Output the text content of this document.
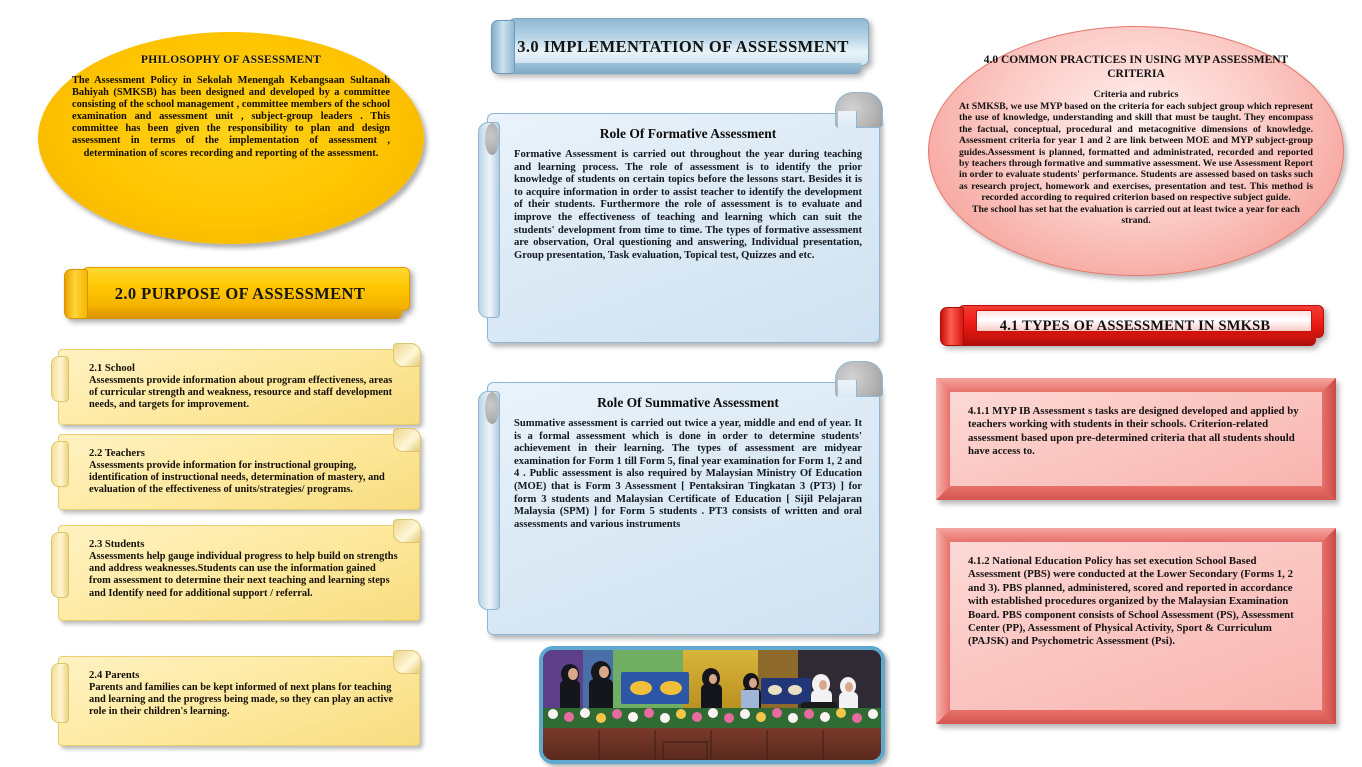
PHILOSOPHY OF ASSESSMENT
The Assessment Policy in Sekolah Menengah Kebangsaan Sultanah Bahiyah (SMKSB) has been designed and developed by a committee consisting of the school management , committee members of the school examination and assessment unit , subject-group leaders . This committee has been given the responsibility to plan and design assessment in terms of the implementation of assessment , determination of scores recording and reporting of the assessment.
2.0 PURPOSE OF ASSESSMENT
2.1 School
Assessments provide information about program effectiveness, areas of curricular strength and weakness, resource and staff development needs, and targets for improvement.
2.2 Teachers
Assessments provide information for instructional grouping, identification of instructional needs, determination of mastery, and evaluation of the effectiveness of units/strategies/ programs.
2.3 Students
Assessments help gauge individual progress to help build on strengths and address weaknesses.Students can use the information gained from assessment to determine their next teaching and learning steps and Identify need for additional support / referral.
2.4 Parents
Parents and families can be kept informed of next plans for teaching and learning and the progress being made, so they can play an active role in their children's learning.
3.0 IMPLEMENTATION OF ASSESSMENT
Role Of Formative Assessment
Formative Assessment is carried out throughout the year during teaching and learning process. The role of assessment is to identify the prior knowledge of students on certain topics before the lessons start. Besides it is to acquire information in order to assist teacher to identify the development of their students. Furthermore the role of assessment is to evaluate and improve the effectiveness of teaching and learning which can suit the students' development from time to time. The types of formative assessment are observation, Oral questioning and answering, Individual presentation, Group presentation, Task evaluation, Topical test, Quizzes and etc.
Role Of Summative Assessment
Summative assessment is carried out twice a year, middle and end of year. It is a formal assessment which is done in order to determine students' achievement in their learning. The types of assessment are midyear examination for Form 1 till Form 5, final year examination for Form 1, 2 and 4 . Public assessment is also required by Malaysian Ministry Of Education (MOE) that is Form 3 Assessment [ Pentaksiran Tingkatan 3 (PT3) ] for form 3 students and Malaysian Certificate of Education [ Sijil Pelajaran Malaysia (SPM) ] for Form 5 students . PT3 consists of written and oral assessments and various instruments
4.0 COMMON PRACTICES IN USING MYP ASSESSMENT CRITERIA
Criteria and rubrics
At SMKSB, we use MYP based on the criteria for each subject group which represent the use of knowledge, understanding and skill that must be taught. They encompass the factual, conceptual, procedural and metacognitive dimensions of knowledge. Assessment criteria for year 1 and 2 are link between MOE and MYP subject-group guides.Assessment is planned, formatted and administrated, recorded and reported by teachers through formative and summative assessment. We use Assessment Report in order to evaluate students' performance. Students are assessed based on tasks such as research project, homework and exercises, presentation and test. This method is recorded according to required criterion based on respective subject guide.
The school has set hat the evaluation is carried out at least twice a year for each strand.
4.1 TYPES OF ASSESSMENT IN SMKSB
4.1.1 MYP IB Assessment s tasks are designed developed and applied by teachers working with students in their schools. Criterion-related assessment based upon pre-determined criteria that all students should have access to.
4.1.2 National Education Policy has set execution School Based Assessment (PBS) were conducted at the Lower Secondary (Forms 1, 2 and 3). PBS planned, administered, scored and reported in accordance with established procedures organized by the Malaysian Examination Board. PBS component consists of School Assessment (PS), Assessment Center (PP), Assessment of Physical Activity, Sport & Curriculum (PAJSK) and Psychometric Assessment (Psi).
